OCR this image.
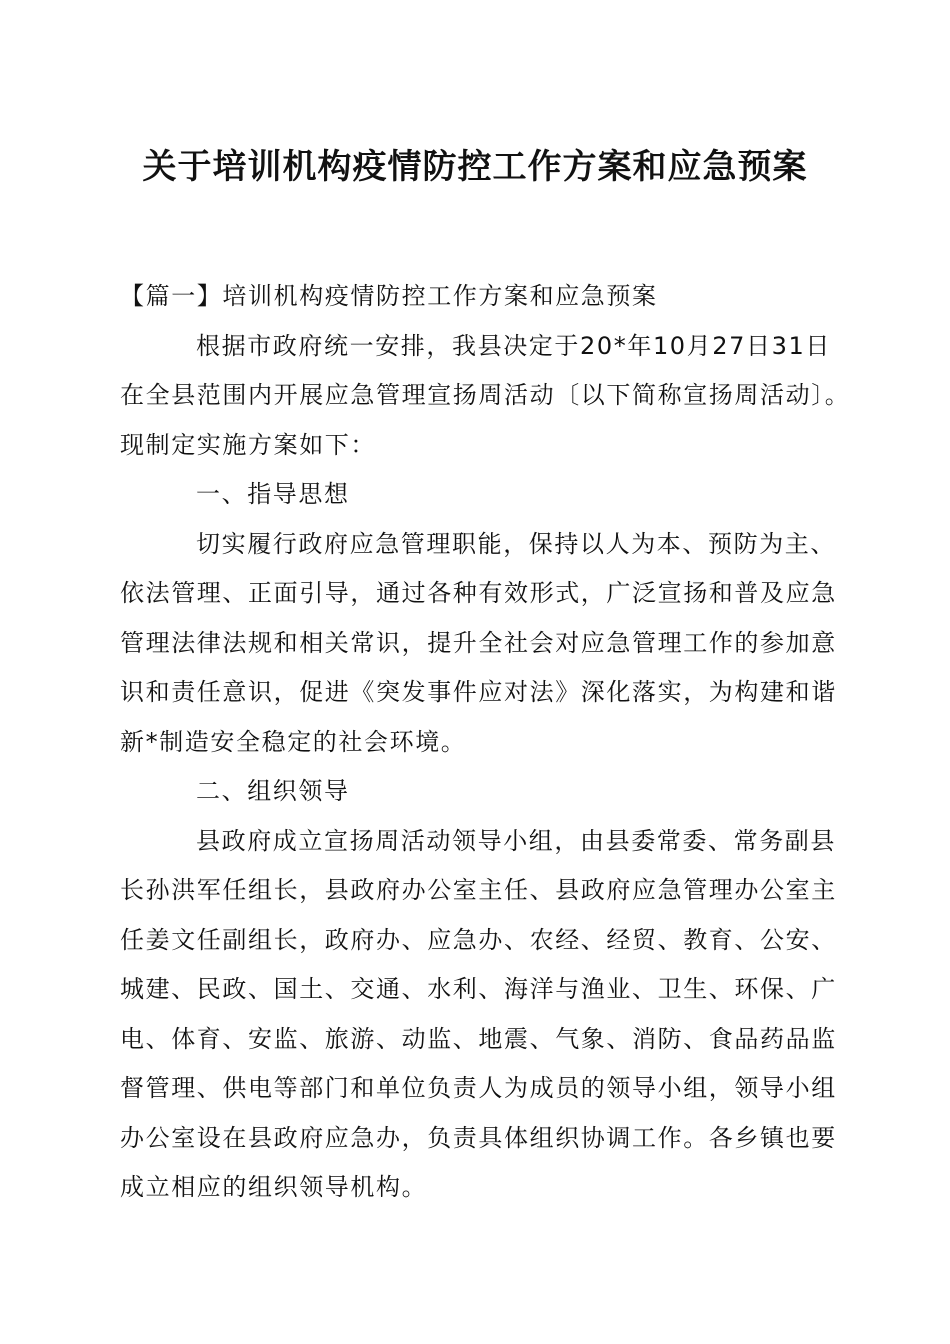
关于培训机构疫情防控工作方案和应急预案
【篇一】培训机构疫情防控工作方案和应急预案
根据市政府统一安排，我县决定于20*年10月27日31日
在全县范围内开展应急管理宣扬周活动〔以下简称宣扬周活动〕。
现制定实施方案如下：
一、指导思想
切实履行政府应急管理职能，保持以人为本、预防为主、
依法管理、正面引导，通过各种有效形式，广泛宣扬和普及应急
管理法律法规和相关常识，提升全社会对应急管理工作的参加意
识和责任意识，促进《突发事件应对法》深化落实，为构建和谐
新*制造安全稳定的社会环境。
二、组织领导
县政府成立宣扬周活动领导小组，由县委常委、常务副县
长孙洪军任组长，县政府办公室主任、县政府应急管理办公室主
任姜文任副组长，政府办、应急办、农经、经贸、教育、公安、
城建、民政、国土、交通、水利、海洋与渔业、卫生、环保、广
电、体育、安监、旅游、动监、地震、气象、消防、食品药品监
督管理、供电等部门和单位负责人为成员的领导小组，领导小组
办公室设在县政府应急办，负责具体组织协调工作。各乡镇也要
成立相应的组织领导机构。
